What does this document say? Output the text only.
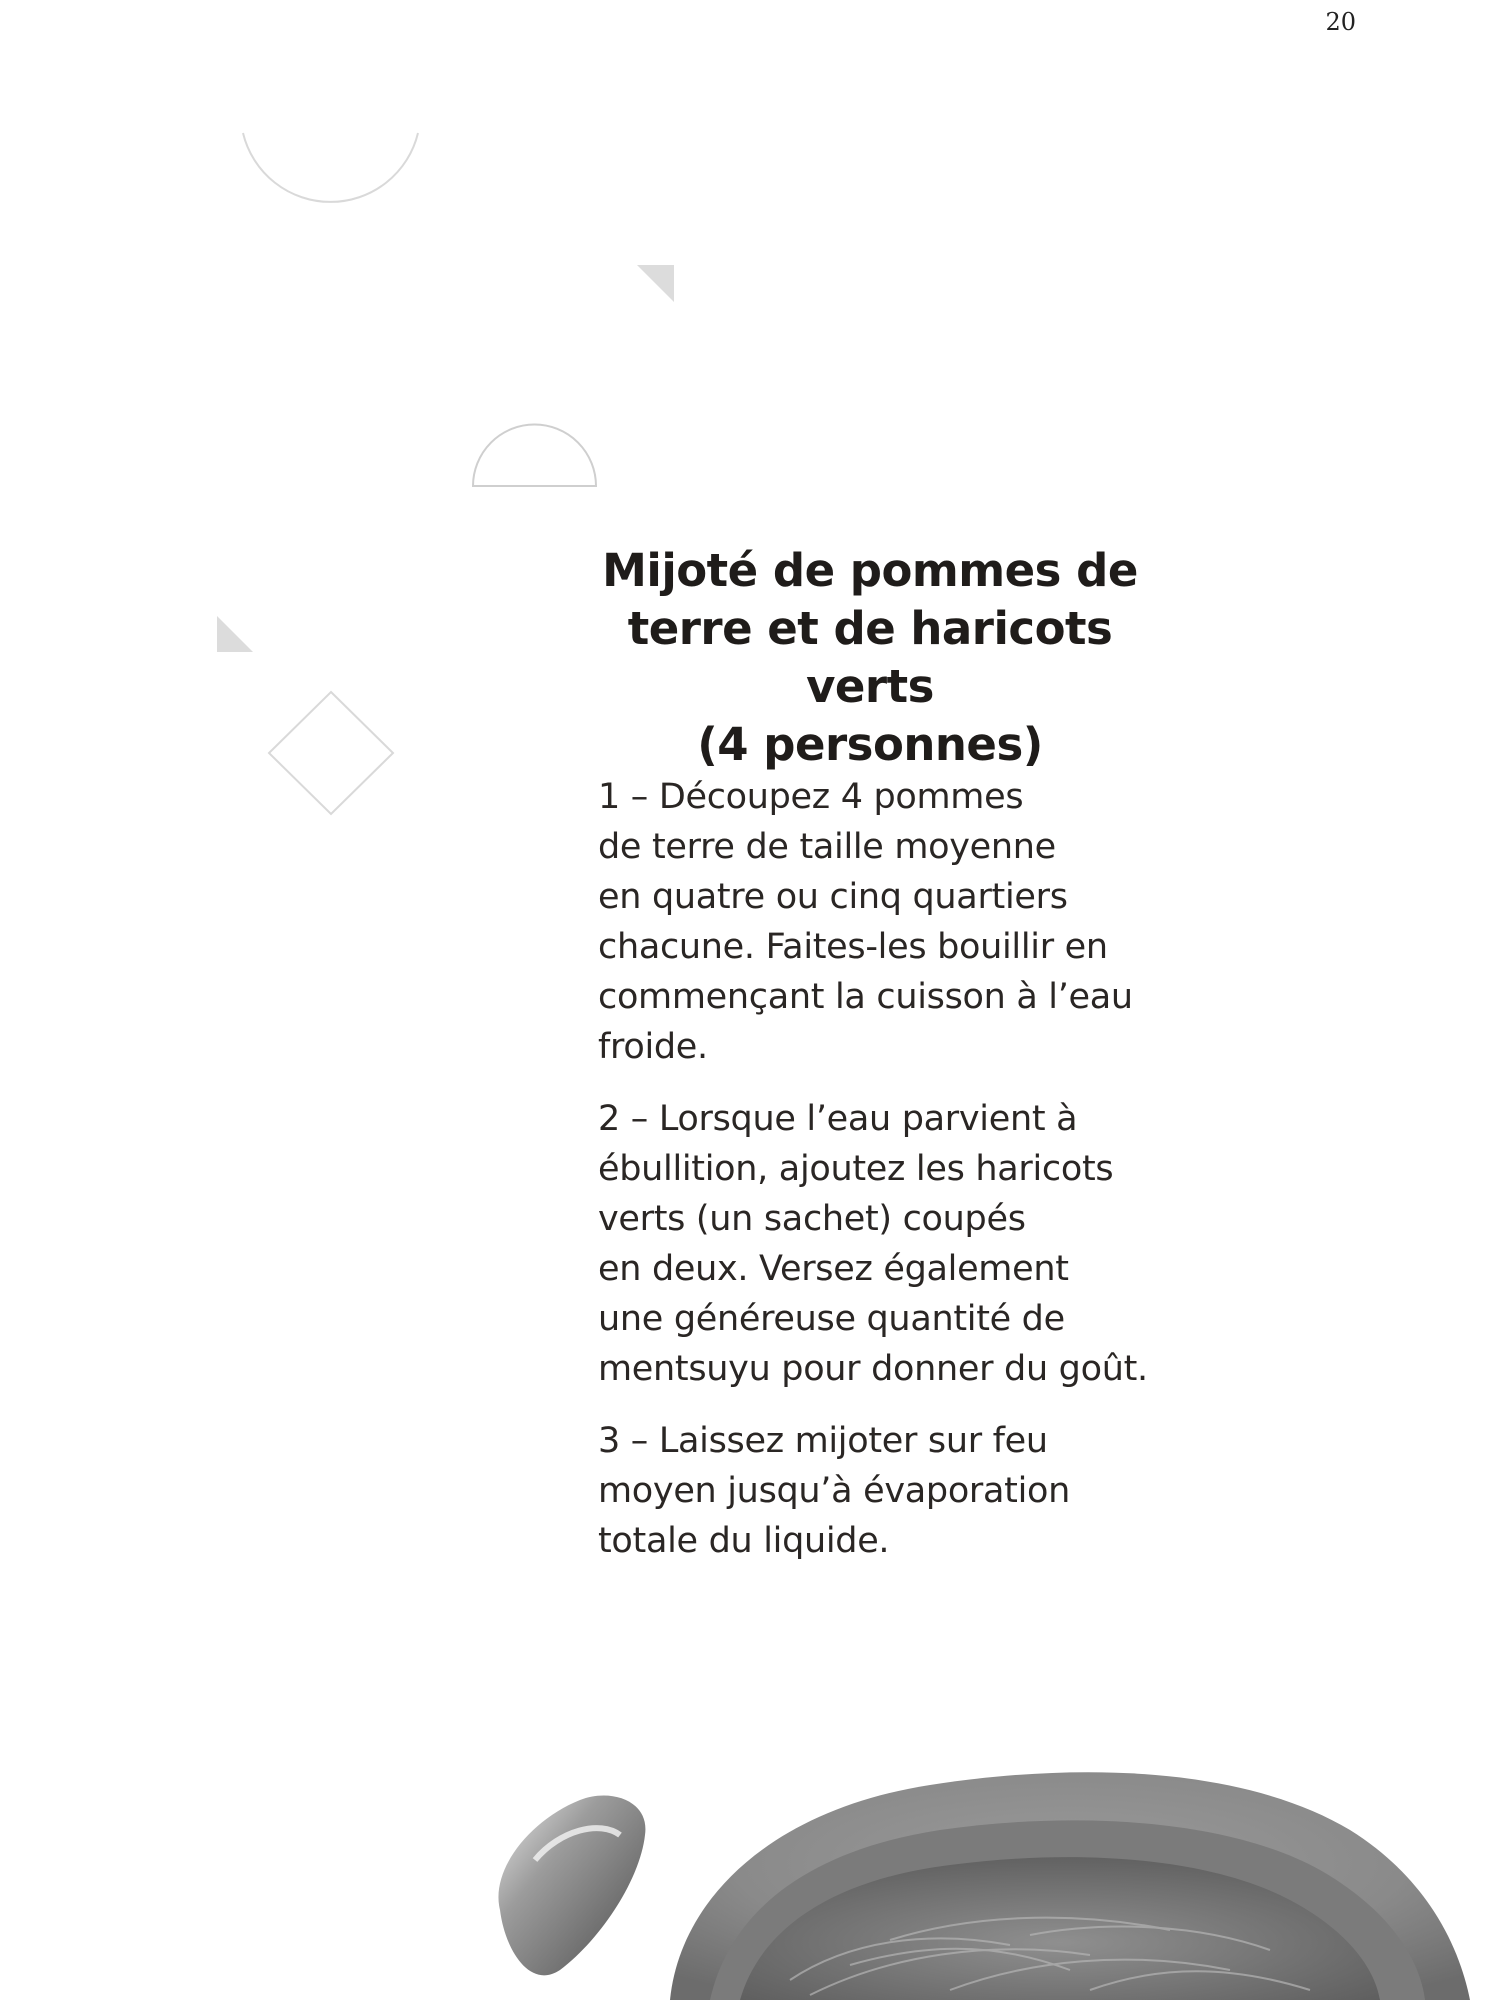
20
Mijoté de pommes de
terre et de haricots verts
(4 personnes)
1 – Découpez 4 pommes
de terre de taille moyenne
en quatre ou cinq quartiers
chacune. Faites-les bouillir en
commençant la cuisson à l’eau
froide.
2 – Lorsque l’eau parvient à
ébullition, ajoutez les haricots
verts (un sachet) coupés
en deux. Versez également
une généreuse quantité de
mentsuyu pour donner du goût.
3 – Laissez mijoter sur feu
moyen jusqu’à évaporation
totale du liquide.
